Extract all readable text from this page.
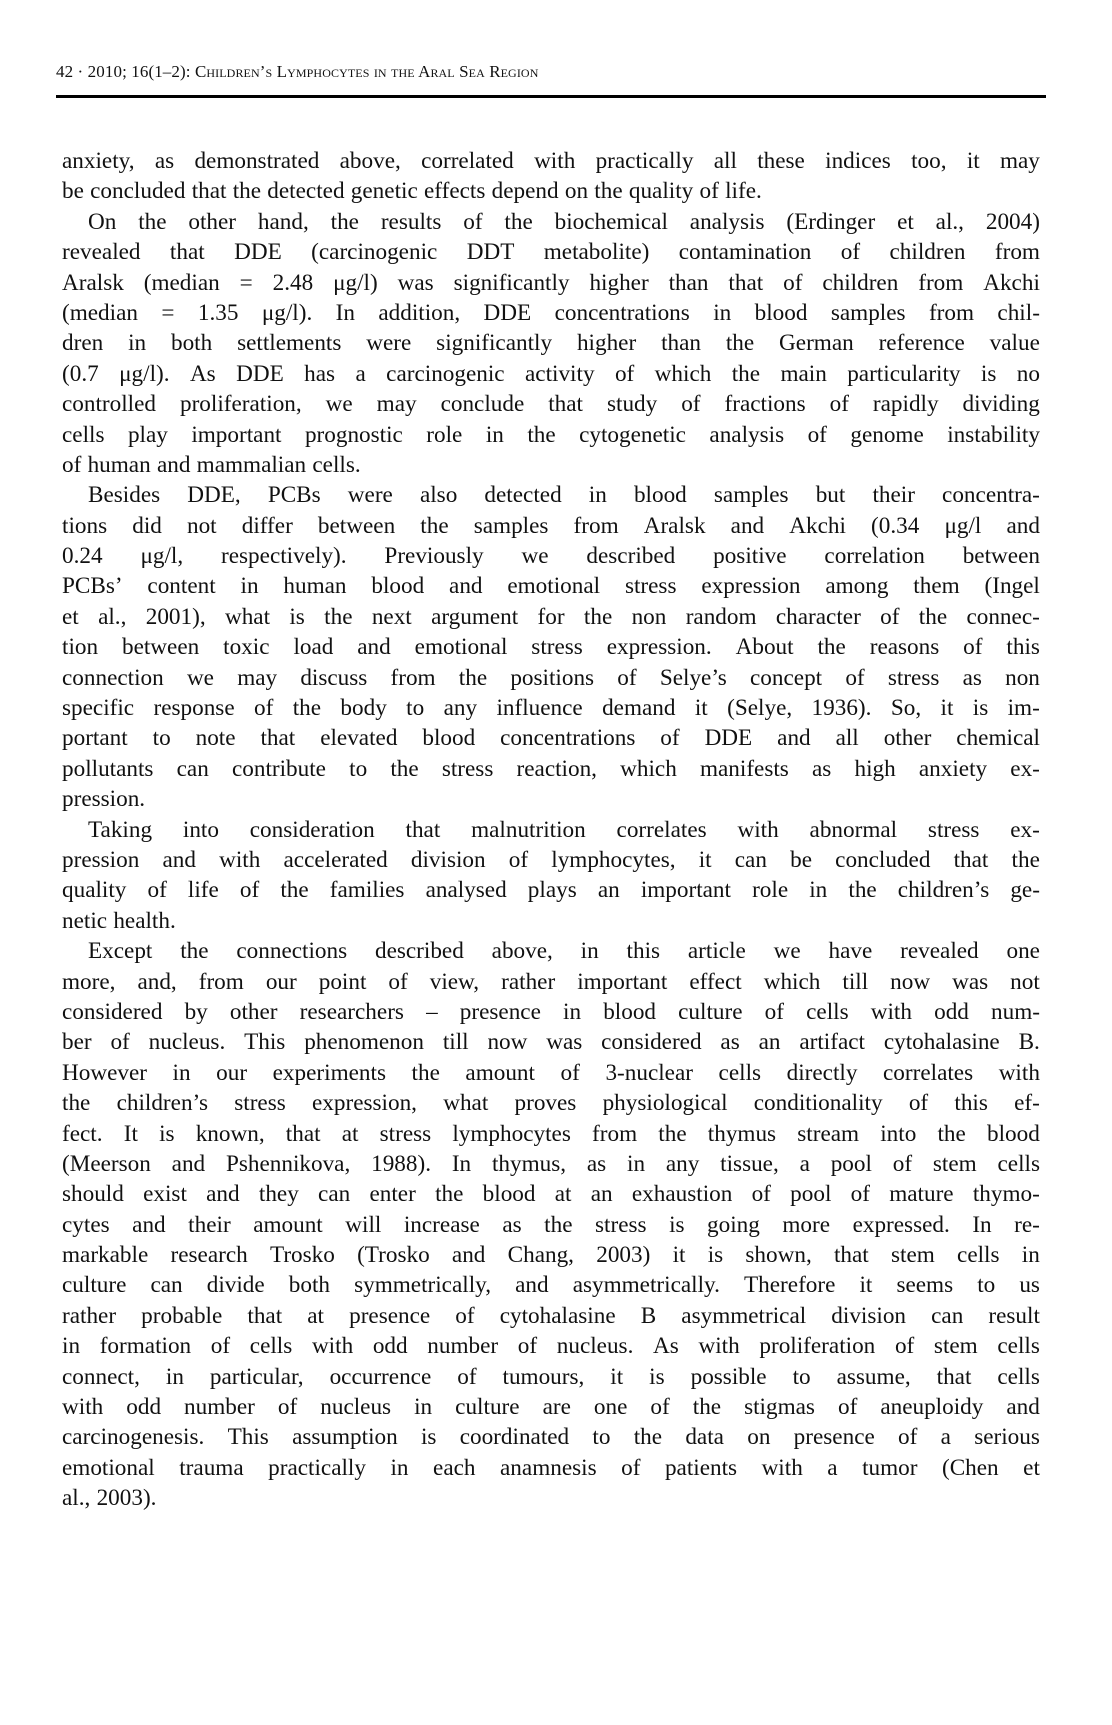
42 · 2010; 16(1–2): Children’s Lymphocytes in the Aral Sea Region
anxiety, as demonstrated above, correlated with practically all these indices too, it may
be concluded that the detected genetic effects depend on the quality of life.
On the other hand, the results of the biochemical analysis (Erdinger et al., 2004)
revealed that DDE (carcinogenic DDT metabolite) contamination of children from
Aralsk (median = 2.48 μg/l) was significantly higher than that of children from Akchi
(median = 1.35 μg/l). In addition, DDE concentrations in blood samples from chil-
dren in both settlements were significantly higher than the German reference value
(0.7 μg/l). As DDE has a carcinogenic activity of which the main particularity is no
controlled proliferation, we may conclude that study of fractions of rapidly dividing
cells play important prognostic role in the cytogenetic analysis of genome instability
of human and mammalian cells.
Besides DDE, PCBs were also detected in blood samples but their concentra-
tions did not differ between the samples from Aralsk and Akchi (0.34 μg/l and
0.24 μg/l, respectively). Previously we described positive correlation between
PCBs’ content in human blood and emotional stress expression among them (Ingel
et al., 2001), what is the next argument for the non random character of the connec-
tion between toxic load and emotional stress expression. About the reasons of this
connection we may discuss from the positions of Selye’s concept of stress as non
specific response of the body to any influence demand it (Selye, 1936). So, it is im-
portant to note that elevated blood concentrations of DDE and all other chemical
pollutants can contribute to the stress reaction, which manifests as high anxiety ex-
pression.
Taking into consideration that malnutrition correlates with abnormal stress ex-
pression and with accelerated division of lymphocytes, it can be concluded that the
quality of life of the families analysed plays an important role in the children’s ge-
netic health.
Except the connections described above, in this article we have revealed one
more, and, from our point of view, rather important effect which till now was not
considered by other researchers – presence in blood culture of cells with odd num-
ber of nucleus. This phenomenon till now was considered as an artifact cytohalasine B.
However in our experiments the amount of 3-nuclear cells directly correlates with
the children’s stress expression, what proves physiological conditionality of this ef-
fect. It is known, that at stress lymphocytes from the thymus stream into the blood
(Meerson and Pshennikova, 1988). In thymus, as in any tissue, a pool of stem cells
should exist and they can enter the blood at an exhaustion of pool of mature thymo-
cytes and their amount will increase as the stress is going more expressed. In re-
markable research Trosko (Trosko and Chang, 2003) it is shown, that stem cells in
culture can divide both symmetrically, and asymmetrically. Therefore it seems to us
rather probable that at presence of cytohalasine B asymmetrical division can result
in formation of cells with odd number of nucleus. As with proliferation of stem cells
connect, in particular, occurrence of tumours, it is possible to assume, that cells
with odd number of nucleus in culture are one of the stigmas of aneuploidy and
carcinogenesis. This assumption is coordinated to the data on presence of a serious
emotional trauma practically in each anamnesis of patients with a tumor (Chen et
al., 2003).
